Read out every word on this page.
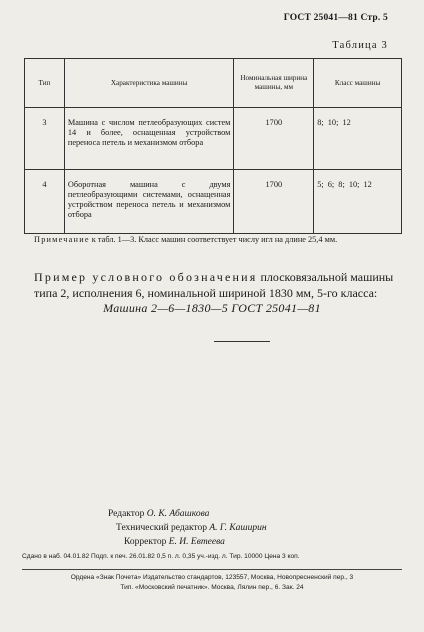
ГОСТ 25041—81 Стр. 5
Таблица 3
Тип	Характеристика машины	Номинальная ширина машины, мм	Класс машины
3	Машина с числом петлеобразующих систем 14 и более, оснащенная устройством переноса петель и механизмом отбора	1700	8; 10; 12
4	Оборотная машина с двумя петлеобразующими системами, оснащенная устройством переноса петель и механизмом отбора	1700	5; 6; 8; 10; 12
Примечание к табл. 1—3. Класс машин соответствует числу игл на длине 25,4 мм.
Пример условного обозначения плосковязальной машины типа 2, исполнения 6, номинальной шириной 1830 мм, 5-го класса:
Машина 2—6—1830—5 ГОСТ 25041—81
Редактор О. К. Абашкова
Технический редактор А. Г. Каширин
Корректор Е. И. Евтеева
Сдано в наб. 04.01.82 Подп. к печ. 26.01.82 0,5 п. л. 0,35 уч.-изд. л. Тир. 10000 Цена 3 коп.
Ордена «Знак Почета» Издательство стандартов, 123557, Москва, Новопресненский пер., 3
Тип. «Московский печатник». Москва, Лялин пер., 6. Зак. 24
